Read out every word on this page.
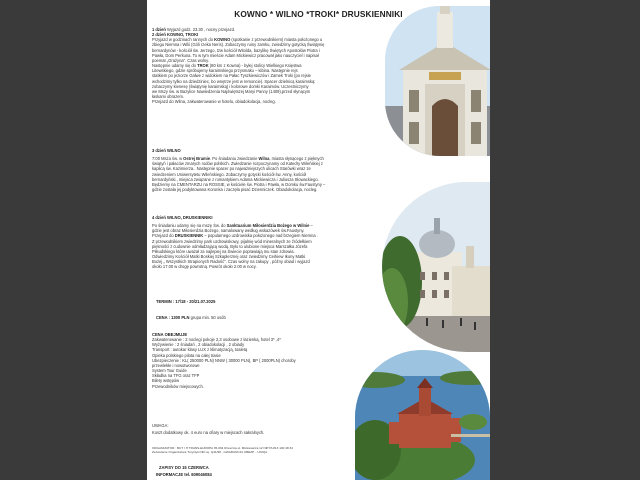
KOWNO * WILNO *TROKI* DRUSKIENNIKI
1 dzień Wyjazd godz. 23.30 , nocny przejazd.
2 dzień KOWNO, TROKI
Przyjazd w godzinach rannych do KOWNO (spotkanie z przewodnikiem) miasta położonego u
zbiegu Niemna i Wilii (Góli rzeka Neris). Zobaczymy ruiny zamku, zwiedzimy gotycką Świątynię
bernardynów - kościół św. Jerzego, tzw kościół Witolda, bazylikę Świętych Apostołów Piotra i
Pawła, Dom Perkuna. To w tym mieście Adam Mickiewicz pracował jako nauczyciel i napisał
poemat „Grażyna”. Czas wolny.
Następnie udamy się do TROK (80 km z Kowna) - byłej stolicy Wielkiego Księstwa
Litewskiego, gdzie spróbujemy karaimskiego przysmaku – kibina. Następnie rejs
statkiem po jeziorze Galwe z widokiem na Pałac Tyszkiewiczów i Zamek Troki (po rejsie
wchodzimy tylko na dziedziniec, bo wnętrze jest w remoncie). Spacer dzielnicą karaimską:
zobaczymy kienesę (świątynię karaimską) i kolorowe domki Karaimów. Uczestniczymy
we Mszy św. w Bazylice Nawiedzenia Najświętszej Maryi Panny (1409),przed słynącym
łaskami obrazem.
Przejazd do Wilna, zakwaterowanie w hotelu, obiadokolacja, nocleg.
3 dzień WILNO
7:00 Msza św. w Ostrej Bramie. Po śniadaniu zwiedzanie Wilna, miasta słynącego z pięknych
świątyń i pałaców zmarych rodów polskich. Zwiedzanie rozpoczynamy od Katedry Wileńskiej z
kaplicą św. Kazimierza.. Następnie spacer po najważniejszych ulicach Starówki wraz ze
zwiedzeniem Uniwersytetu Wileńskiego. Zobaczymy gotycki kościół św. Anny, kościół
bernardyński., miejsca związane z romantykiem Adama Mickiewicza i Juliusza Słowackiego.
Będziemy na CMENTARZU na ROSSIE, w kościele św. Piotra i Pawła, w Domku św.Faustyny –
gdzie została jej podyktowana Koronka i zaczęła pisać Dzienniczek. Obiadokolacja, nocleg.
4 dzień WILNO, DRUSKIENNIKI
Po śniadaniu udamy się na mszę Św. do Sanktuarium Miłosierdzia Bożego w Wilnie –
gdzie jest obraz Miłosierdzia Bożego, namalowany według wskazówek św.Faustyny.
Przejazd do DRUSKIENNIK – popularnego uzdrowiska położonego nad brzegiem Niemna .
Z przewodnikiem zwiedzimy park uzdrowiskowy, pijalnię wód mineralnych ze źródełkiem
piękności z cudownie odmładzającą wodą. Było to ulubione miejsca Marszałka Józefa
Piłsudskiego które uważał za najlepiej na Świecie poprawiają mu stan zdrowia.
Odwiedzimy Kościół Matki Boskiej Szkaplerznej oraz zwiedzimy Cerkiew Ikony Matki
Bożej „ Wszystkich Strapionych Radość". Czas wolny na zakupy , późny obiad i wyjazd
około 17.00 w drogę powrotną. Powrót około 2.00 w nocy.
TERMIN : 17/18 - 20/21.07.2025
CENA : 1300 PLN grupa min. 50 osób
CENA OBEJMUJE
Zakwaterowanie : 2 noclegi pokoje 2,3 osobowe z łazienką, hotel 3* ,4*
Wyżywienie : 2 śniadań , 2 obiadokolacji , 2 obiady
Transport : autokar klasy LUX z klimatyzacją, toaletą
Opieka polskiego pilota na całej trasie
Ubezpieczenie : KL( 250000 PLN) NNW ( 30000 PLN), BP ( 2000PLN) choroby
przewlekłe i nowotworowe
System Tour Guide
Składka na TFG oraz TFP
Bilety wstępów
Przewodników miejscowych.
UWAGA:
Koszt dodatkowy ok. 4 euro na ofiary w miejscach sakralnych.
ORGANIZATOR : BUT I H TRANS-EUROPA 35-064 Rzeszów ul. Mickiewicza 12 NIP PL813 100 48 34
Zezwolenie Organizatora Turystyki NR rej. Q41/98 , GWARANCJA UBEZP. - UNIQA
ZAPISY DO 15 CZERWCA
INFORMACJE tel. 609046084
